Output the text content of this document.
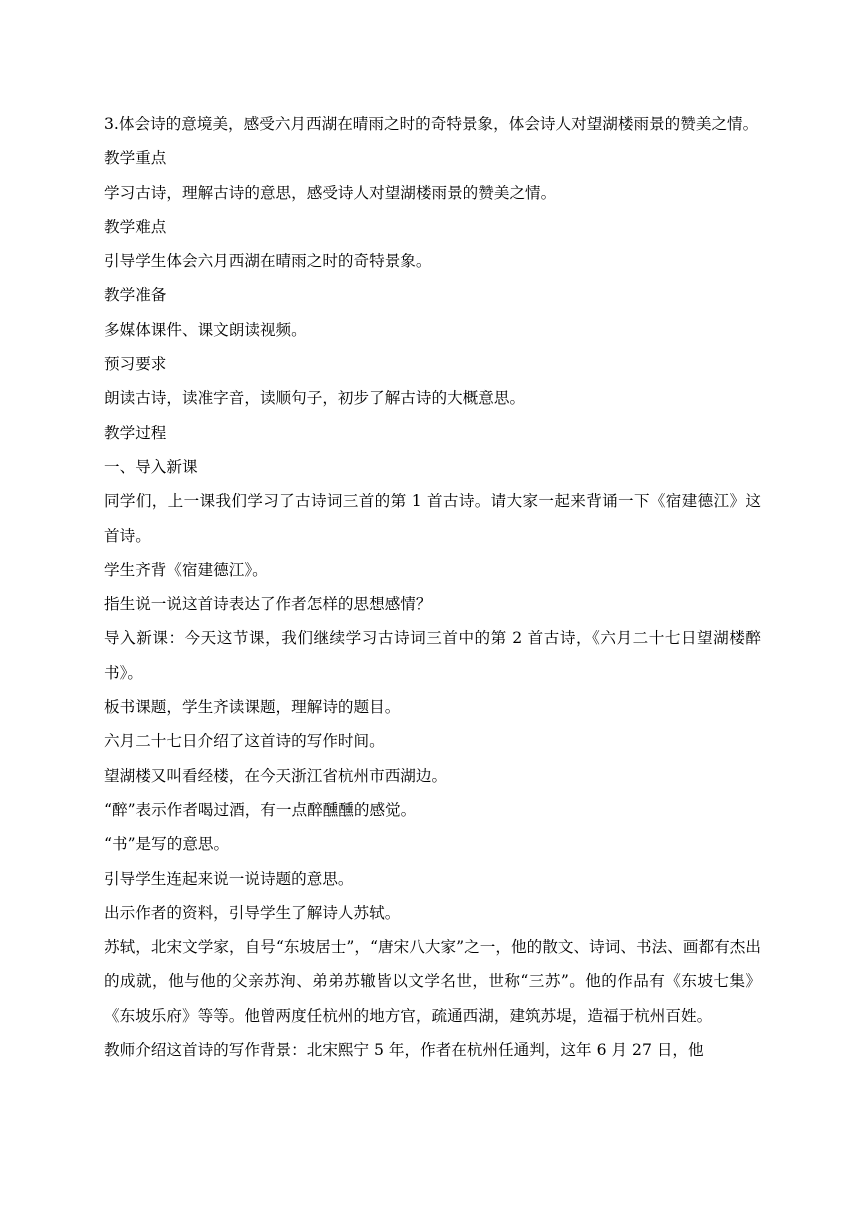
3.体会诗的意境美，感受六月西湖在晴雨之时的奇特景象，体会诗人对望湖楼雨景的赞美之情。

教学重点

学习古诗，理解古诗的意思，感受诗人对望湖楼雨景的赞美之情。

教学难点

引导学生体会六月西湖在晴雨之时的奇特景象。

教学准备

多媒体课件、课文朗读视频。

预习要求

朗读古诗，读准字音，读顺句子，初步了解古诗的大概意思。

教学过程

一、导入新课

同学们，上一课我们学习了古诗词三首的第 1 首古诗。请大家一起来背诵一下《宿建德江》这首诗。

学生齐背《宿建德江》。

指生说一说这首诗表达了作者怎样的思想感情？

导入新课：今天这节课，我们继续学习古诗词三首中的第 2 首古诗，《六月二十七日望湖楼醉书》。

板书课题，学生齐读课题，理解诗的题目。

六月二十七日介绍了这首诗的写作时间。

望湖楼又叫看经楼，在今天浙江省杭州市西湖边。

“醉”表示作者喝过酒，有一点醉醺醺的感觉。

“书”是写的意思。

引导学生连起来说一说诗题的意思。

出示作者的资料，引导学生了解诗人苏轼。

苏轼，北宋文学家，自号“东坡居士”，“唐宋八大家”之一，他的散文、诗词、书法、画都有杰出的成就，他与他的父亲苏洵、弟弟苏辙皆以文学名世，世称“三苏”。他的作品有《东坡七集》《东坡乐府》等等。他曾两度任杭州的地方官，疏通西湖，建筑苏堤，造福于杭州百姓。

教师介绍这首诗的写作背景：北宋熙宁 5 年，作者在杭州任通判，这年 6 月 27 日，他
